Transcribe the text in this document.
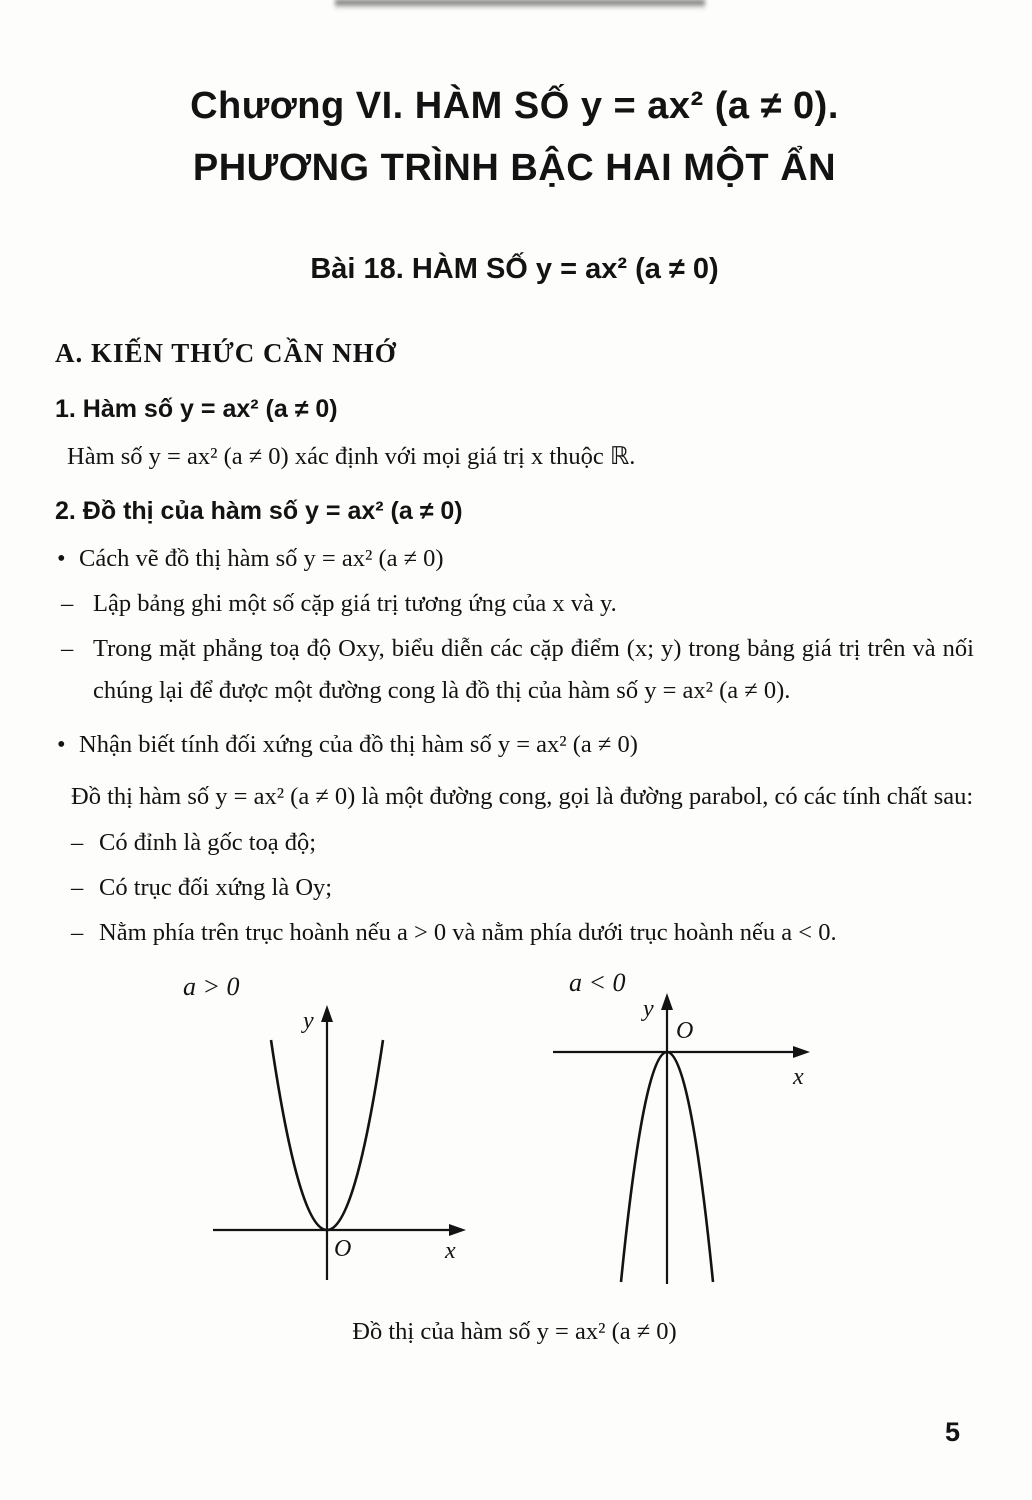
Chương VI. HÀM SỐ y = ax² (a ≠ 0).
PHƯƠNG TRÌNH BẬC HAI MỘT ẨN
Bài 18. HÀM SỐ y = ax² (a ≠ 0)
A. KIẾN THỨC CẦN NHỚ
1. Hàm số y = ax² (a ≠ 0)

Hàm số y = ax² (a ≠ 0) xác định với mọi giá trị x thuộc ℝ.

2. Đồ thị của hàm số y = ax² (a ≠ 0)
• Cách vẽ đồ thị hàm số y = ax² (a ≠ 0)
– Lập bảng ghi một số cặp giá trị tương ứng của x và y.
– Trong mặt phẳng toạ độ Oxy, biểu diễn các cặp điểm (x; y) trong bảng giá trị trên và nối chúng lại để được một đường cong là đồ thị của hàm số y = ax² (a ≠ 0).
• Nhận biết tính đối xứng của đồ thị hàm số y = ax² (a ≠ 0)

Đồ thị hàm số y = ax² (a ≠ 0) là một đường cong, gọi là đường parabol, có các tính chất sau:

– Có đỉnh là gốc toạ độ;
– Có trục đối xứng là Oy;
– Nằm phía trên trục hoành nếu a > 0 và nằm phía dưới trục hoành nếu a < 0.
a > 0	a < 0
y
O	x
y
O
x

Đồ thị của hàm số y = ax² (a ≠ 0)

5
